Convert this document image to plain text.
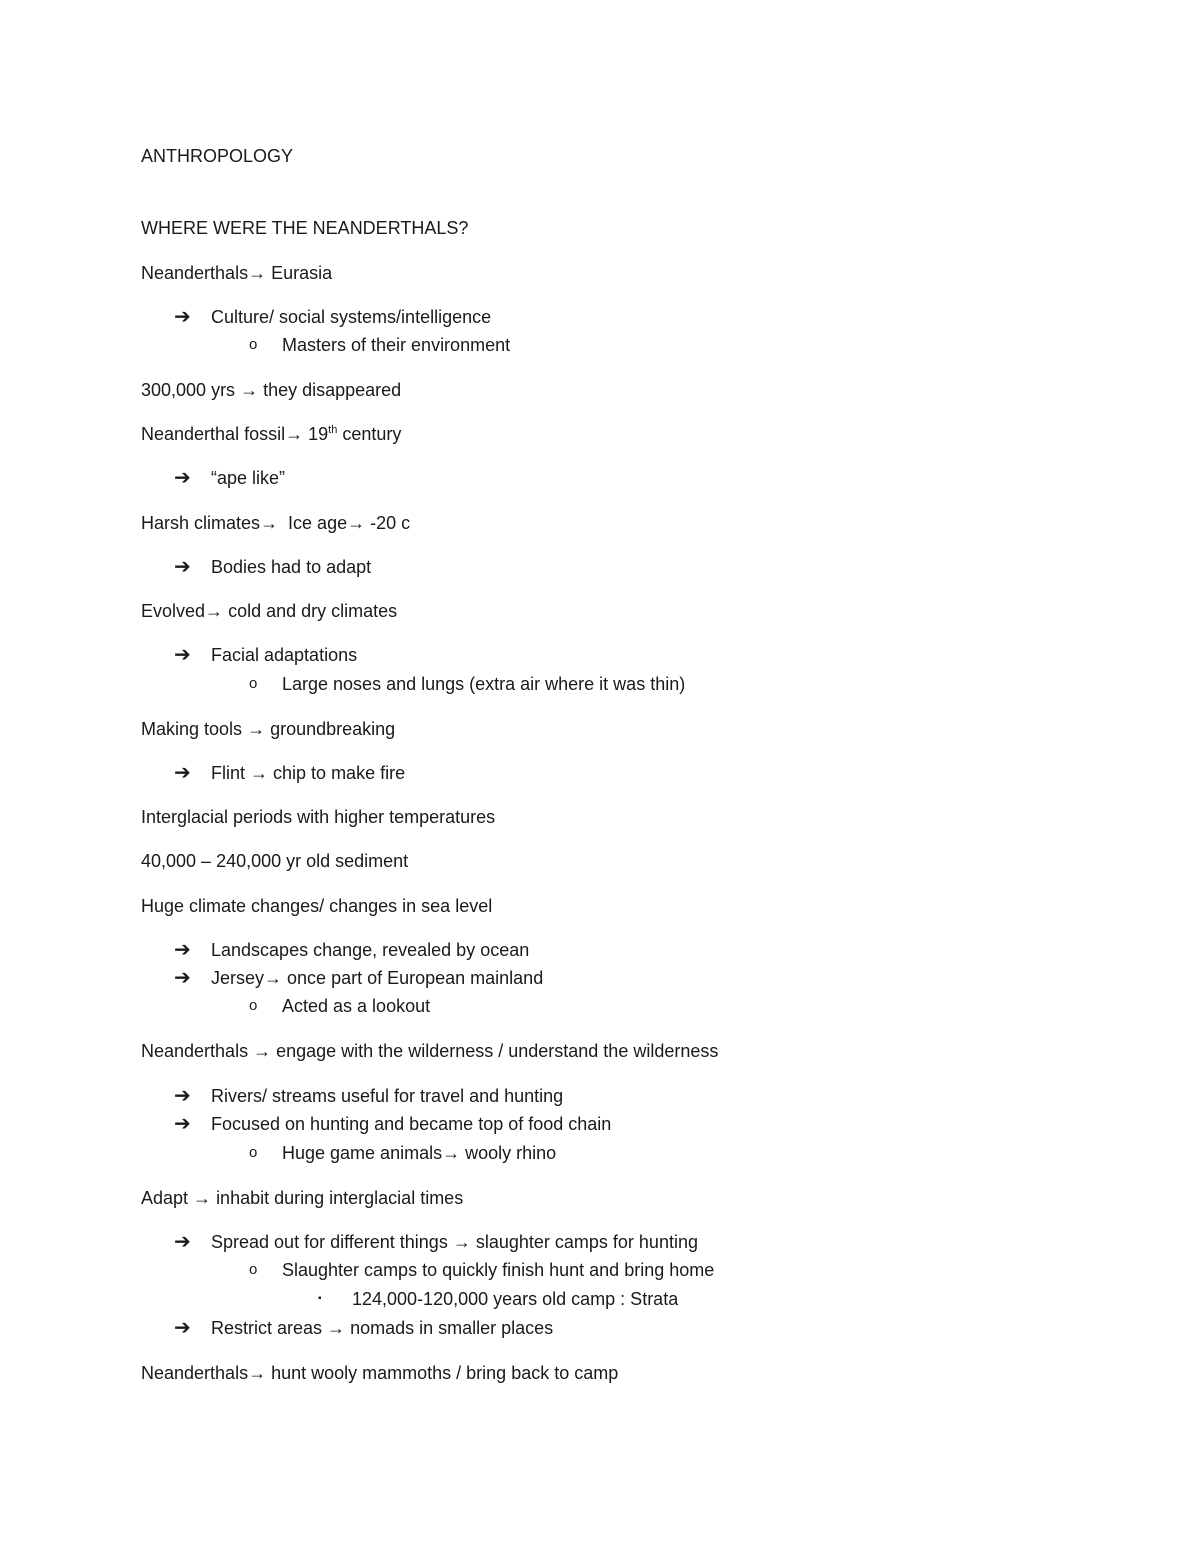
ANTHROPOLOGY
WHERE WERE THE NEANDERTHALS?
Neanderthals→ Eurasia
➔ Culture/ social systems/intelligence
o Masters of their environment
300,000 yrs → they disappeared
Neanderthal fossil→ 19th century
➔ “ape like”
Harsh climates→ Ice age→ -20 c
➔ Bodies had to adapt
Evolved→ cold and dry climates
➔ Facial adaptations
o Large noses and lungs (extra air where it was thin)
Making tools → groundbreaking
➔ Flint → chip to make fire
Interglacial periods with higher temperatures
40,000 – 240,000 yr old sediment
Huge climate changes/ changes in sea level
➔ Landscapes change, revealed by ocean
➔ Jersey→ once part of European mainland
o Acted as a lookout
Neanderthals → engage with the wilderness / understand the wilderness
➔ Rivers/ streams useful for travel and hunting
➔ Focused on hunting and became top of food chain
o Huge game animals→ wooly rhino
Adapt → inhabit during interglacial times
➔ Spread out for different things → slaughter camps for hunting
o Slaughter camps to quickly finish hunt and bring home
▪ 124,000-120,000 years old camp : Strata
➔ Restrict areas → nomads in smaller places
Neanderthals→ hunt wooly mammoths / bring back to camp
